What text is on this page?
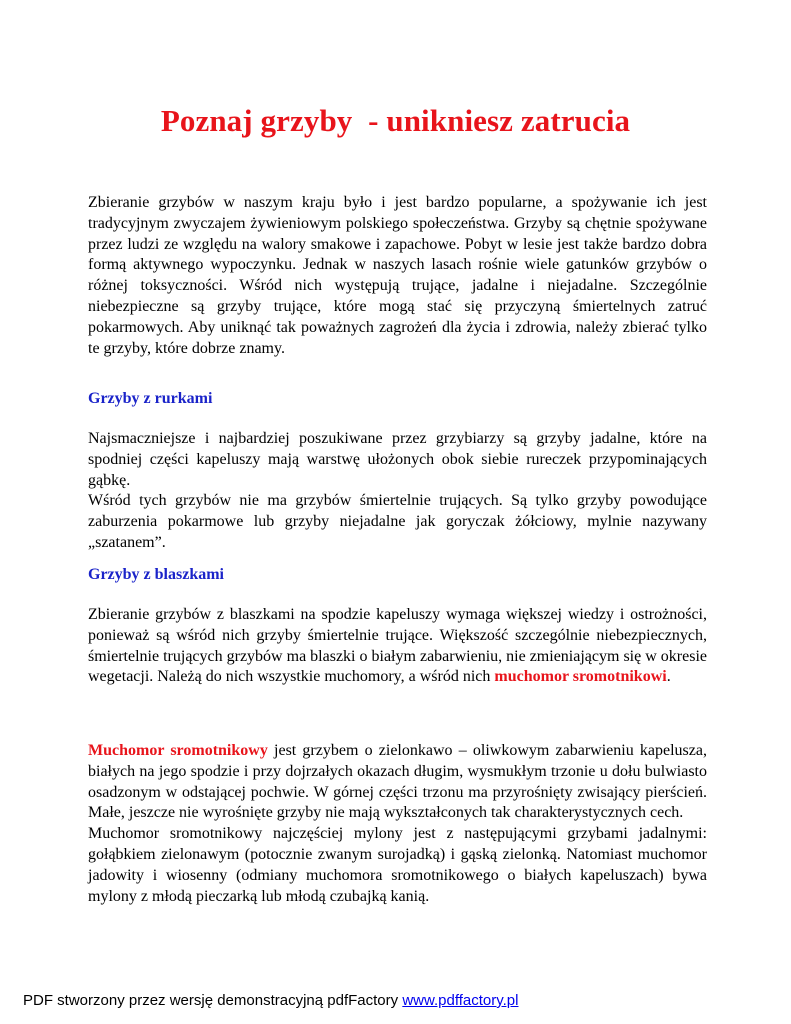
Poznaj grzyby  - unikniesz zatrucia

Zbieranie grzybów w naszym kraju było i jest bardzo popularne, a spożywanie ich jest tradycyjnym zwyczajem żywieniowym polskiego społeczeństwa. Grzyby są chętnie spożywane przez ludzi ze względu na walory smakowe i zapachowe. Pobyt w lesie jest także bardzo dobra formą aktywnego wypoczynku. Jednak w naszych lasach rośnie wiele gatunków grzybów o różnej toksyczności. Wśród nich występują trujące, jadalne i niejadalne. Szczególnie niebezpieczne są grzyby trujące, które mogą stać się przyczyną śmiertelnych zatruć pokarmowych. Aby uniknąć tak poważnych zagrożeń dla życia i zdrowia, należy zbierać tylko te grzyby, które dobrze znamy.

Grzyby z rurkami

Najsmaczniejsze i najbardziej poszukiwane przez grzybiarzy są grzyby jadalne, które na spodniej części kapeluszy mają warstwę ułożonych obok siebie rureczek przypominających gąbkę.

Wśród tych grzybów nie ma grzybów śmiertelnie trujących. Są tylko grzyby powodujące zaburzenia pokarmowe lub grzyby niejadalne jak goryczak żółciowy, mylnie nazywany „szatanem”.

Grzyby z blaszkami

Zbieranie grzybów z blaszkami na spodzie kapeluszy wymaga większej wiedzy i ostrożności, ponieważ są wśród nich grzyby śmiertelnie trujące. Większość szczególnie niebezpiecznych, śmiertelnie trujących grzybów ma blaszki o białym zabarwieniu, nie zmieniającym się w okresie wegetacji. Należą do nich wszystkie muchomory, a wśród nich muchomor sromotnikowi.

Muchomor sromotnikowy jest grzybem o zielonkawo – oliwkowym zabarwieniu kapelusza, białych na jego spodzie i przy dojrzałych okazach długim, wysmukłym trzonie u dołu bulwiasto osadzonym w odstającej pochwie. W górnej części trzonu ma przyrośnięty zwisający pierścień. Małe, jeszcze nie wyrośnięte grzyby nie mają wykształconych tak charakterystycznych cech.

Muchomor sromotnikowy najczęściej mylony jest z następującymi grzybami jadalnymi: gołąbkiem zielonawym (potocznie zwanym surojadką) i gąską zielonką. Natomiast muchomor jadowity i wiosenny (odmiany muchomora sromotnikowego o białych kapeluszach) bywa mylony z młodą pieczarką lub młodą czubajką kanią.

PDF stworzony przez wersję demonstracyjną pdfFactory www.pdffactory.pl
